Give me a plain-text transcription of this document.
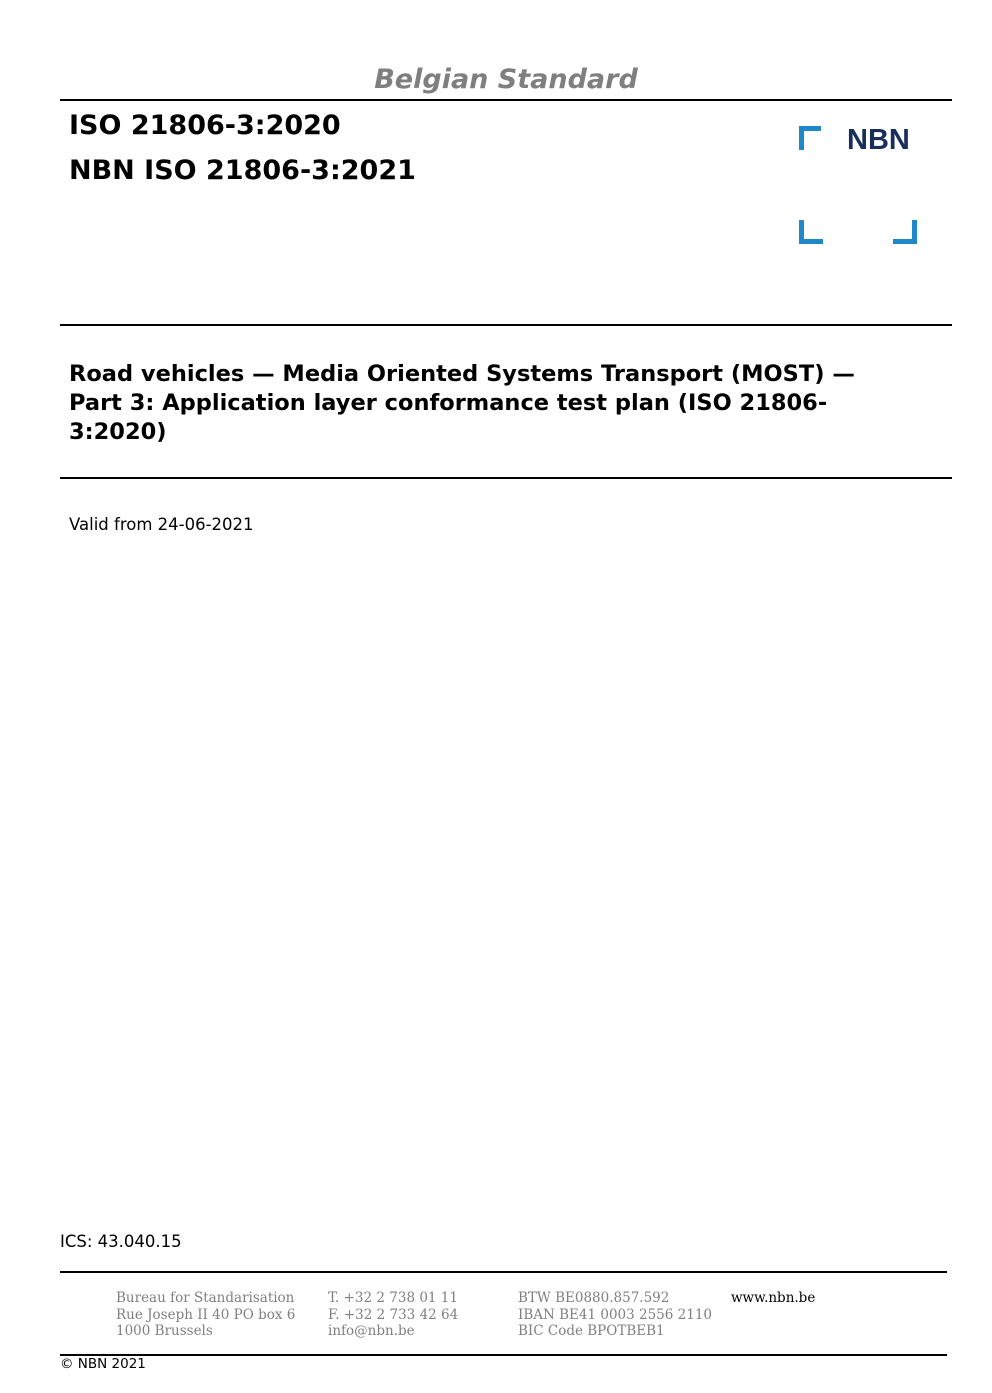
Belgian Standard
ISO 21806-3:2020
NBN ISO 21806-3:2021
NBN
Road vehicles — Media Oriented Systems Transport (MOST) —
Part 3: Application layer conformance test plan (ISO 21806-
3:2020)
Valid from 24-06-2021
ICS: 43.040.15
Bureau for Standarisation
Rue Joseph II 40 PO box 6
1000 Brussels
T. +32 2 738 01 11
F. +32 2 733 42 64
info@nbn.be
BTW BE0880.857.592
IBAN BE41 0003 2556 2110
BIC Code BPOTBEB1
www.nbn.be
© NBN 2021
